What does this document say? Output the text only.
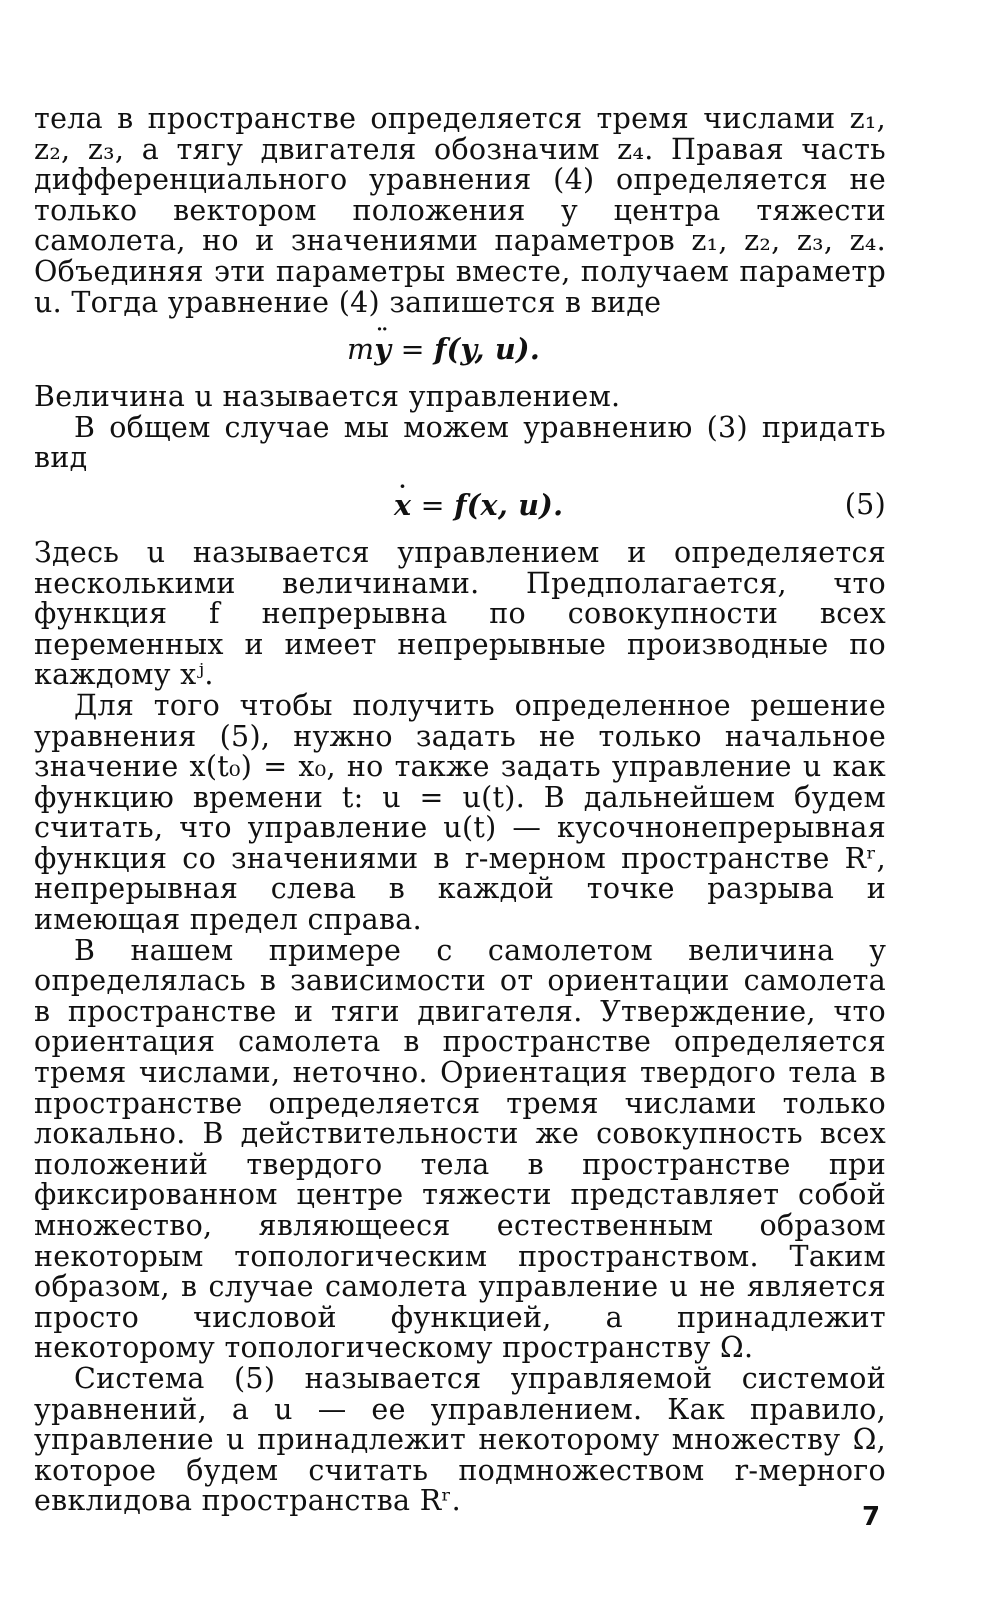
тела в пространстве определяется тремя числами z₁, z₂, z₃, а тягу двигателя обозначим z₄. Правая часть дифференциального уравнения (4) определяется не только вектором положения y центра тяжести самолета, но и значениями параметров z₁, z₂, z₃, z₄. Объединяя эти параметры вместе, получаем параметр u. Тогда уравнение (4) запишется в виде

m·· y = f(y, u).

Величина u называется управлением.

В общем случае мы можем уравнению (3) придать вид

· x = f(x, u).	(5)

Здесь u называется управлением и определяется несколькими величинами. Предполагается, что функция f непрерывна по совокупности всех переменных и имеет непрерывные производные по каждому xʲ.

Для того чтобы получить определенное решение уравнения (5), нужно задать не только начальное значение x(t₀) = x₀, но также задать управление u как функцию времени t: u = u(t). В дальнейшем будем считать, что управление u(t) — кусочнонепрерывная функция со значениями в r-мерном пространстве Rʳ, непрерывная слева в каждой точке разрыва и имеющая предел справа.

В нашем примере с самолетом величина y определялась в зависимости от ориентации самолета в пространстве и тяги двигателя. Утверждение, что ориентация самолета в пространстве определяется тремя числами, неточно. Ориентация твердого тела в пространстве определяется тремя числами только локально. В действительности же совокупность всех положений твердого тела в пространстве при фиксированном центре тяжести представляет собой множество, являющееся естественным образом некоторым топологическим пространством. Таким образом, в случае самолета управление u не является просто числовой функцией, а принадлежит некоторому топологическому пространству Ω.

Система (5) называется управляемой системой уравнений, а u — ее управлением. Как правило, управление u принадлежит некоторому множеству Ω, которое будем считать подмножеством r-мерного евклидова пространства Rʳ.	7
